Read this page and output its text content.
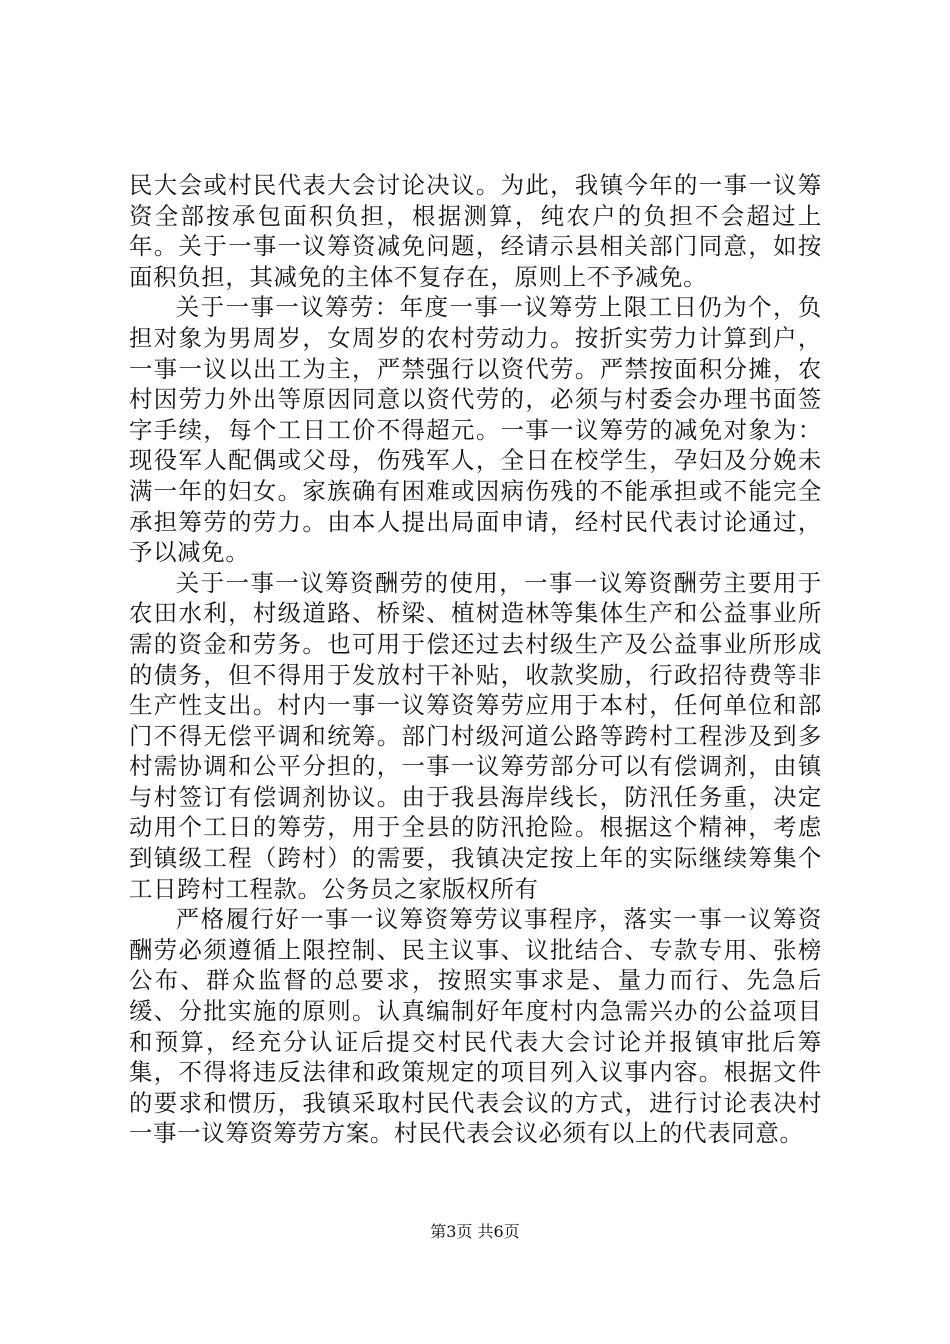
民大会或村民代表大会讨论决议。为此，我镇今年的一事一议筹资全部按承包面积负担，根据测算，纯农户的负担不会超过上年。关于一事一议筹资减免问题，经请示县相关部门同意，如按面积负担，其减免的主体不复存在，原则上不予减免。

关于一事一议筹劳：年度一事一议筹劳上限工日仍为个，负担对象为男周岁，女周岁的农村劳动力。按折实劳力计算到户，一事一议以出工为主，严禁强行以资代劳。严禁按面积分摊，农村因劳力外出等原因同意以资代劳的，必须与村委会办理书面签字手续，每个工日工价不得超元。一事一议筹劳的减免对象为：现役军人配偶或父母，伤残军人，全日在校学生，孕妇及分娩未满一年的妇女。家族确有困难或因病伤残的不能承担或不能完全承担筹劳的劳力。由本人提出局面申请，经村民代表讨论通过，予以减免。

关于一事一议筹资酬劳的使用，一事一议筹资酬劳主要用于农田水利，村级道路、桥梁、植树造林等集体生产和公益事业所需的资金和劳务。也可用于偿还过去村级生产及公益事业所形成的债务，但不得用于发放村干补贴，收款奖励，行政招待费等非生产性支出。村内一事一议筹资筹劳应用于本村，任何单位和部门不得无偿平调和统筹。部门村级河道公路等跨村工程涉及到多村需协调和公平分担的，一事一议筹劳部分可以有偿调剂，由镇与村签订有偿调剂协议。由于我县海岸线长，防汛任务重，决定动用个工日的筹劳，用于全县的防汛抢险。根据这个精神，考虑到镇级工程（跨村）的需要，我镇决定按上年的实际继续筹集个工日跨村工程款。公务员之家版权所有

严格履行好一事一议筹资筹劳议事程序，落实一事一议筹资酬劳必须遵循上限控制、民主议事、议批结合、专款专用、张榜公布、群众监督的总要求，按照实事求是、量力而行、先急后缓、分批实施的原则。认真编制好年度村内急需兴办的公益项目和预算，经充分认证后提交村民代表大会讨论并报镇审批后筹集，不得将违反法律和政策规定的项目列入议事内容。根据文件的要求和惯历，我镇采取村民代表会议的方式，进行讨论表决村一事一议筹资筹劳方案。村民代表会议必须有以上的代表同意。

第3页 共6页
